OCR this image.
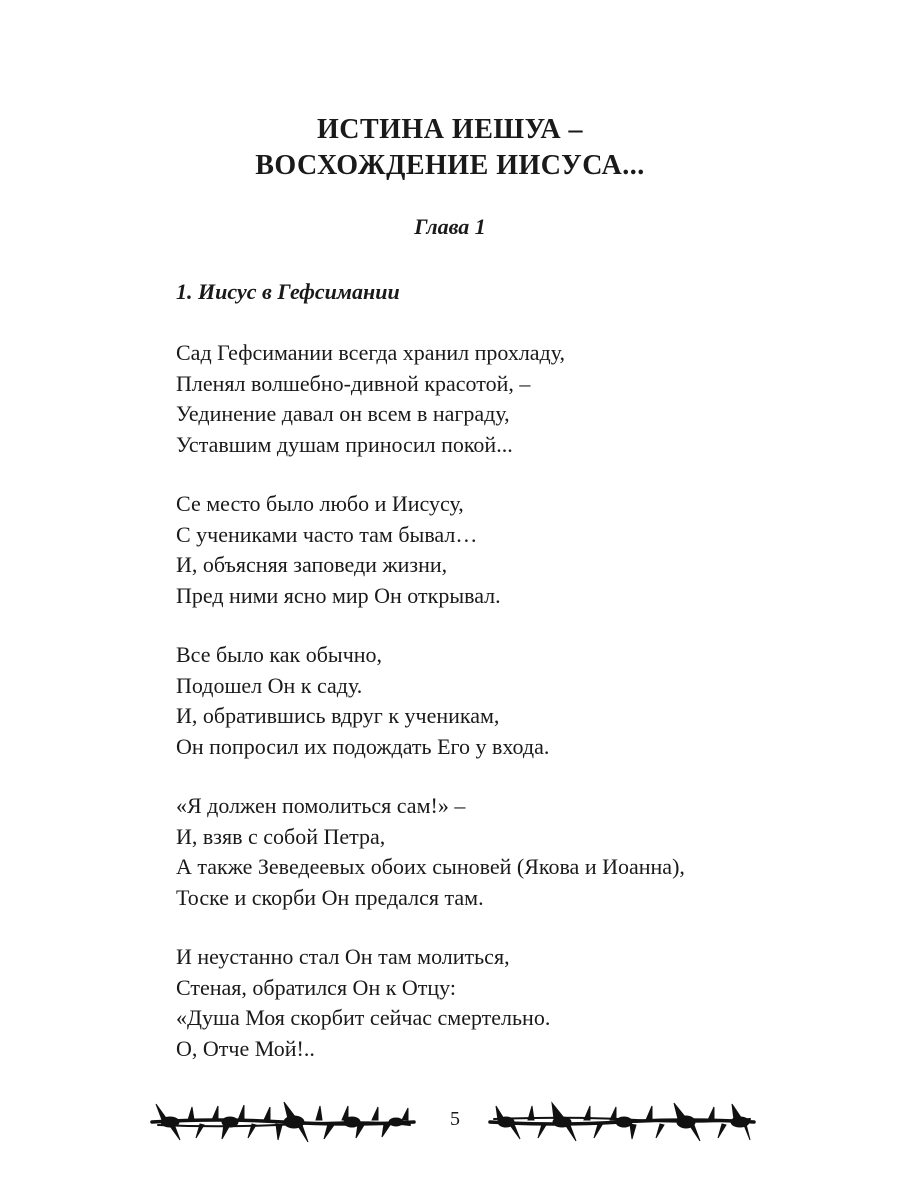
ИСТИНА ИЕШУА –
ВОСХОЖДЕНИЕ ИИСУСА...
Глава 1
1. Иисус в Гефсимании
Сад Гефсимании всегда хранил прохладу,
Пленял волшебно-дивной красотой, –
Уединение давал он всем в награду,
Уставшим душам приносил покой...
Се место было любо и Иисусу,
С учениками часто там бывал…
И, объясняя заповеди жизни,
Пред ними ясно мир Он открывал.
Все было как обычно,
Подошел Он к саду.
И, обратившись вдруг к ученикам,
Он попросил их подождать Его у входа.
«Я должен помолиться сам!» –
И, взяв с собой Петра,
А также Зеведеевых обоих сыновей (Якова и Иоанна),
Тоске и скорби Он предался там.
И неустанно стал Он там молиться,
Стеная, обратился Он к Отцу:
«Душа Моя скорбит сейчас смертельно.
О, Отче Мой!..

5
